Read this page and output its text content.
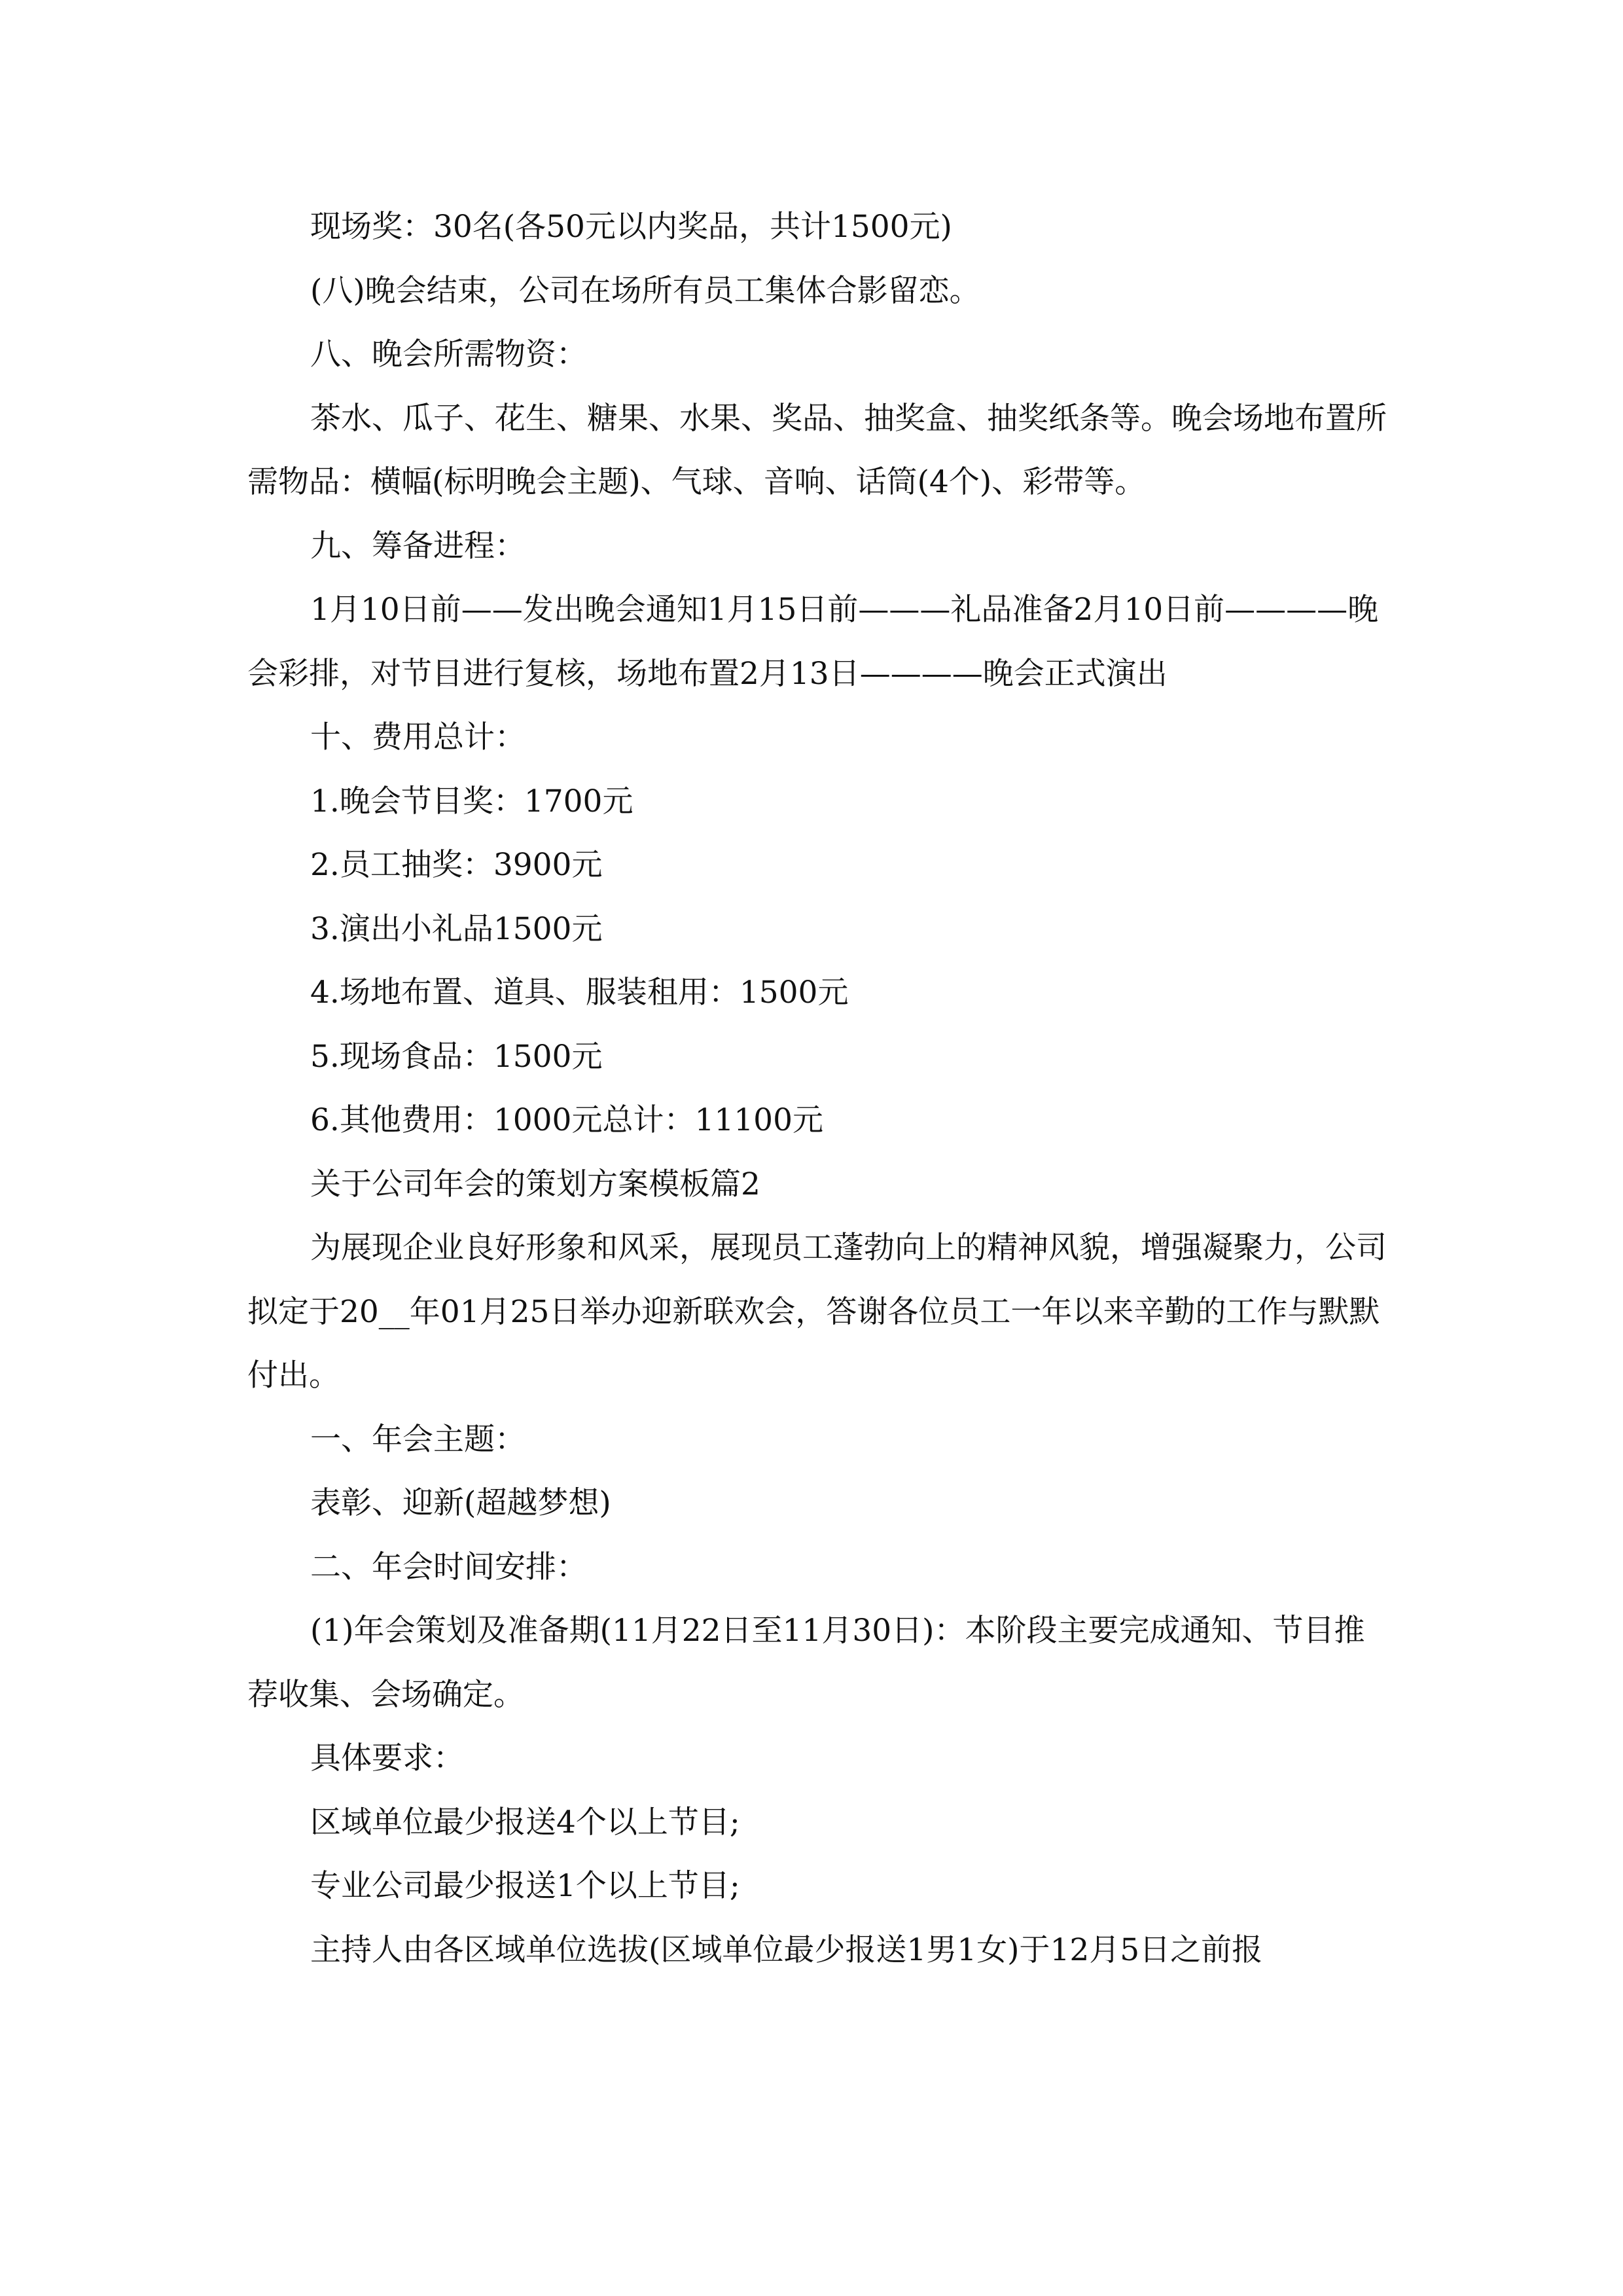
现场奖：30名(各50元以内奖品，共计1500元)

(八)晚会结束，公司在场所有员工集体合影留恋。

八、晚会所需物资：

茶水、瓜子、花生、糖果、水果、奖品、抽奖盒、抽奖纸条等。晚会场地布置所需物品：横幅(标明晚会主题)、气球、音响、话筒(4个)、彩带等。

九、筹备进程：

1月10日前——发出晚会通知1月15日前———礼品准备2月10日前————晚会彩排，对节目进行复核，场地布置2月13日————晚会正式演出

十、费用总计：

1.晚会节目奖：1700元

2.员工抽奖：3900元

3.演出小礼品1500元

4.场地布置、道具、服装租用：1500元

5.现场食品：1500元

6.其他费用：1000元总计：11100元

关于公司年会的策划方案模板篇2

为展现企业良好形象和风采，展现员工蓬勃向上的精神风貌，增强凝聚力，公司拟定于20__年01月25日举办迎新联欢会，答谢各位员工一年以来辛勤的工作与默默付出。

一、年会主题：

表彰、迎新(超越梦想)

二、年会时间安排：

(1)年会策划及准备期(11月22日至11月30日)：本阶段主要完成通知、节目推荐收集、会场确定。

具体要求：

区域单位最少报送4个以上节目;

专业公司最少报送1个以上节目;

主持人由各区域单位选拔(区域单位最少报送1男1女)于12月5日之前报
